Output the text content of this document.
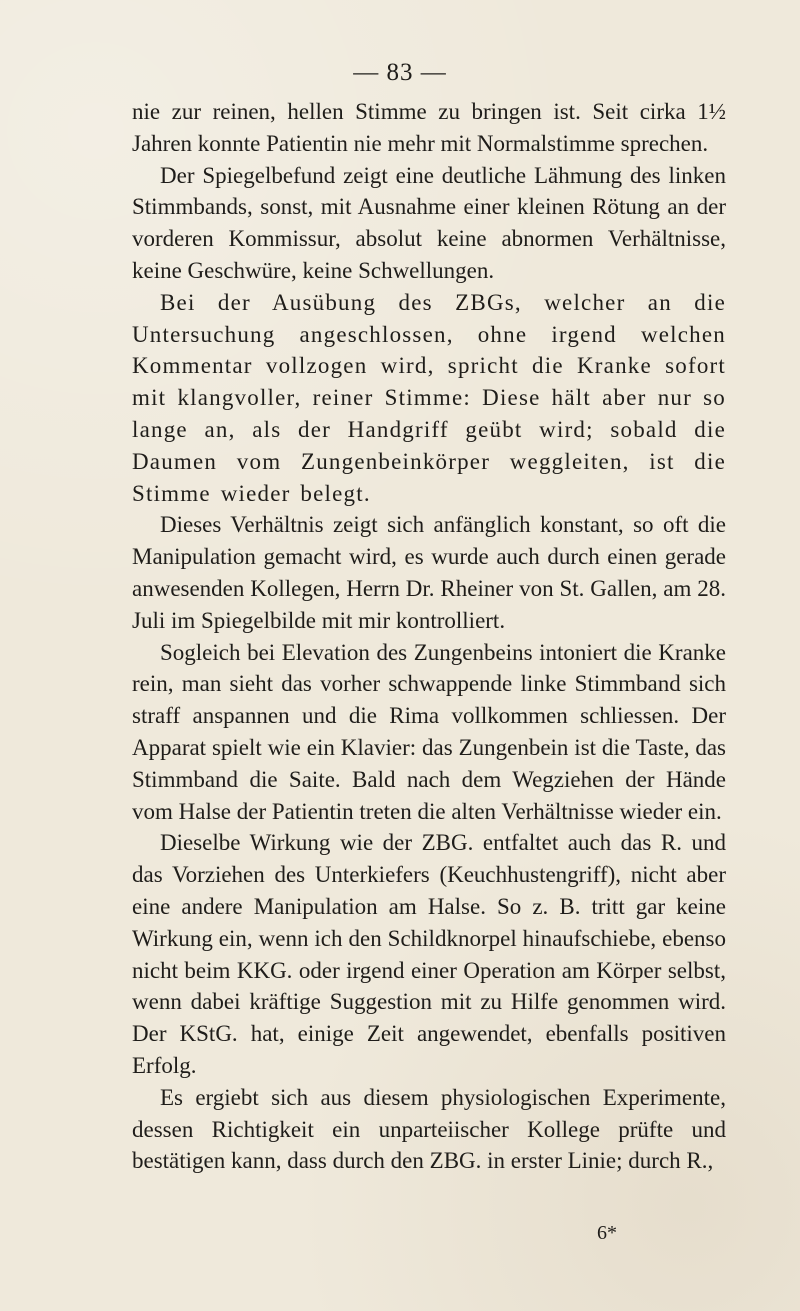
— 83 —

nie zur reinen, hellen Stimme zu bringen ist. Seit cirka 1½ Jahren konnte Patientin nie mehr mit Normalstimme sprechen.

Der Spiegelbefund zeigt eine deutliche Lähmung des linken Stimmbands, sonst, mit Ausnahme einer kleinen Rötung an der vorderen Kommissur, absolut keine abnormen Verhältnisse, keine Geschwüre, keine Schwellungen.

Bei der Ausübung des ZBGs, welcher an die Untersuchung angeschlossen, ohne irgend welchen Kommentar vollzogen wird, spricht die Kranke sofort mit klangvoller, reiner Stimme: Diese hält aber nur so lange an, als der Handgriff geübt wird; sobald die Daumen vom Zungenbeinkörper weggleiten, ist die Stimme wieder belegt.

Dieses Verhältnis zeigt sich anfänglich konstant, so oft die Manipulation gemacht wird, es wurde auch durch einen gerade anwesenden Kollegen, Herrn Dr. Rheiner von St. Gallen, am 28. Juli im Spiegelbilde mit mir kontrolliert.

Sogleich bei Elevation des Zungenbeins intoniert die Kranke rein, man sieht das vorher schwappende linke Stimmband sich straff anspannen und die Rima vollkommen schliessen. Der Apparat spielt wie ein Klavier: das Zungenbein ist die Taste, das Stimmband die Saite. Bald nach dem Wegziehen der Hände vom Halse der Patientin treten die alten Verhältnisse wieder ein.

Dieselbe Wirkung wie der ZBG. entfaltet auch das R. und das Vorziehen des Unterkiefers (Keuchhustengriff), nicht aber eine andere Manipulation am Halse. So z. B. tritt gar keine Wirkung ein, wenn ich den Schildknorpel hinaufschiebe, ebenso nicht beim KKG. oder irgend einer Operation am Körper selbst, wenn dabei kräftige Suggestion mit zu Hilfe genommen wird. Der KStG. hat, einige Zeit angewendet, ebenfalls positiven Erfolg.

Es ergiebt sich aus diesem physiologischen Experimente, dessen Richtigkeit ein unparteiischer Kollege prüfte und bestätigen kann, dass durch den ZBG. in erster Linie; durch R.,

6*
